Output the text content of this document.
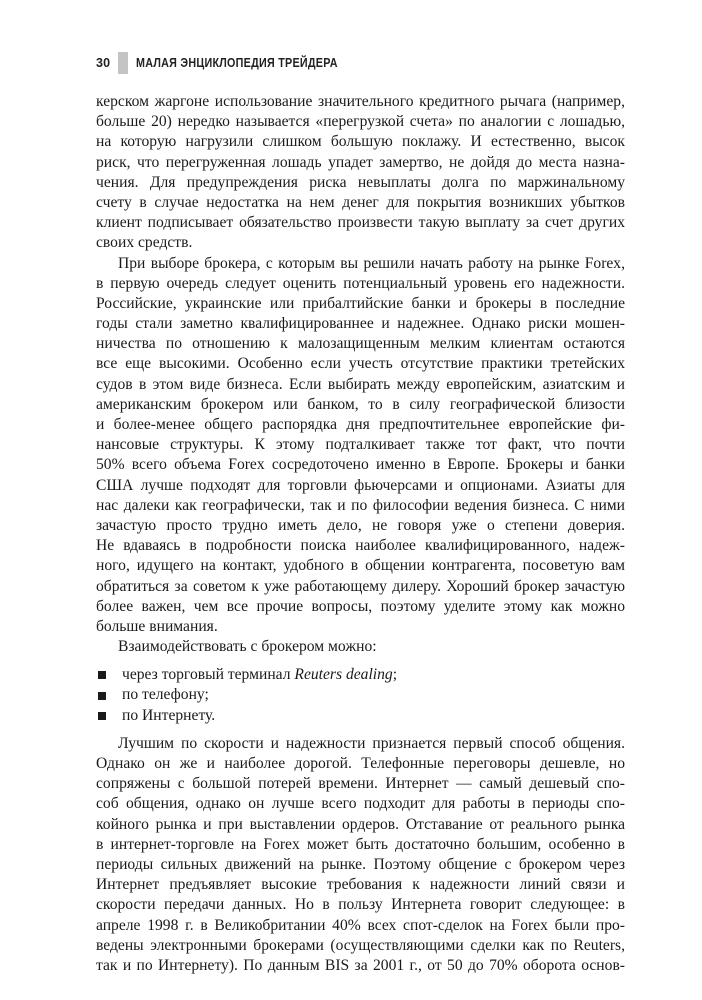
30	МАЛАЯ ЭНЦИКЛОПЕДИЯ ТРЕЙДЕРА
керском жаргоне использование значительного кредитного рычага (например,
больше 20) нередко называется «перегрузкой счета» по аналогии с лошадью,
на которую нагрузили слишком большую поклажу. И естественно, высок
риск, что перегруженная лошадь упадет замертво, не дойдя до места назна-
чения. Для предупреждения риска невыплаты долга по маржинальному
счету в случае недостатка на нем денег для покрытия возникших убытков
клиент подписывает обязательство произвести такую выплату за счет других
своих средств.
При выборе брокера, с которым вы решили начать работу на рынке Forex,
в первую очередь следует оценить потенциальный уровень его надежности.
Российские, украинские или прибалтийские банки и брокеры в последние
годы стали заметно квалифицированнее и надежнее. Однако риски мошен-
ничества по отношению к малозащищенным мелким клиентам остаются
все еще высокими. Особенно если учесть отсутствие практики третейских
судов в этом виде бизнеса. Если выбирать между европейским, азиатским и
американским брокером или банком, то в силу географической близости
и более-менее общего распорядка дня предпочтительнее европейские фи-
нансовые структуры. К этому подталкивает также тот факт, что почти
50% всего объема Forex сосредоточено именно в Европе. Брокеры и банки
США лучше подходят для торговли фьючерсами и опционами. Азиаты для
нас далеки как географически, так и по философии ведения бизнеса. С ними
зачастую просто трудно иметь дело, не говоря уже о степени доверия.
Не вдаваясь в подробности поиска наиболее квалифицированного, надеж-
ного, идущего на контакт, удобного в общении контрагента, посоветую вам
обратиться за советом к уже работающему дилеру. Хороший брокер зачастую
более важен, чем все прочие вопросы, поэтому уделите этому как можно
больше внимания.
Взаимодействовать с брокером можно:
через торговый терминал Reuters dealing;
по телефону;
по Интернету.
Лучшим по скорости и надежности признается первый способ общения.
Однако он же и наиболее дорогой. Телефонные переговоры дешевле, но
сопряжены с большой потерей времени. Интернет — самый дешевый спо-
соб общения, однако он лучше всего подходит для работы в периоды спо-
койного рынка и при выставлении ордеров. Отставание от реального рынка
в интернет-торговле на Forex может быть достаточно большим, особенно в
периоды сильных движений на рынке. Поэтому общение с брокером через
Интернет предъявляет высокие требования к надежности линий связи и
скорости передачи данных. Но в пользу Интернета говорит следующее: в
апреле 1998 г. в Великобритании 40% всех спот-сделок на Forex были про-
ведены электронными брокерами (осуществляющими сделки как по Reuters,
так и по Интернету). По данным BIS за 2001 г., от 50 до 70% оборота основ-
